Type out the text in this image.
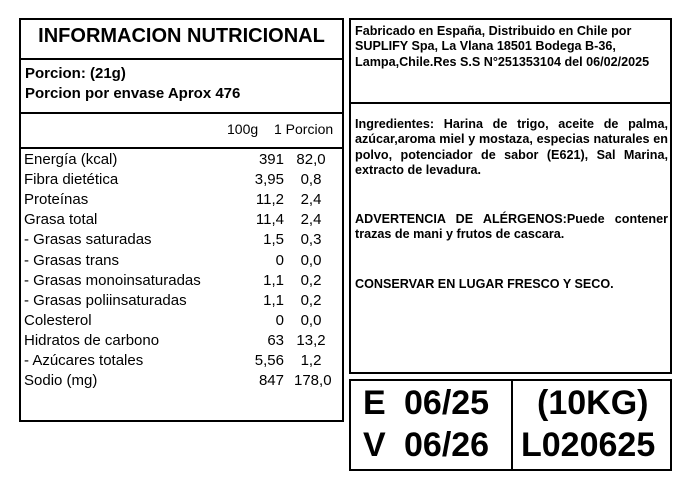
INFORMACION NUTRICIONAL
Porcion: (21g)
Porcion por envase Aprox 476
100g 1 Porcion
Energía (kcal)	391 82,0
Fibra dietética	3,95	0,8
Proteínas	11,2	2,4
Grasa total	11,4	2,4
- Grasas saturadas	1,5	0,3
- Grasas trans	0	0,0
- Grasas monoinsaturadas	1,1	0,2
- Grasas poliinsaturadas	1,1	0,2
Colesterol	0	0,0
Hidratos de carbono	63 13,2
- Azúcares totales	5,56	1,2
Sodio (mg)	847 178,0
Fabricado en España, Distribuido en Chile por SUPLIFY Spa, La Vlana 18501 Bodega B-36, Lampa,Chile.Res S.S N°251353104 del 06/02/2025
Ingredientes: Harina de trigo, aceite de palma, azúcar,aroma miel y mostaza, especias naturales en polvo, potenciador de sabor (E621), Sal Marina, extracto de levadura.
ADVERTENCIA DE ALÉRGENOS:Puede contener trazas de mani y frutos de cascara.
CONSERVAR EN LUGAR FRESCO Y SECO.
E 06/25
V 06/26
(10KG)
L020625
